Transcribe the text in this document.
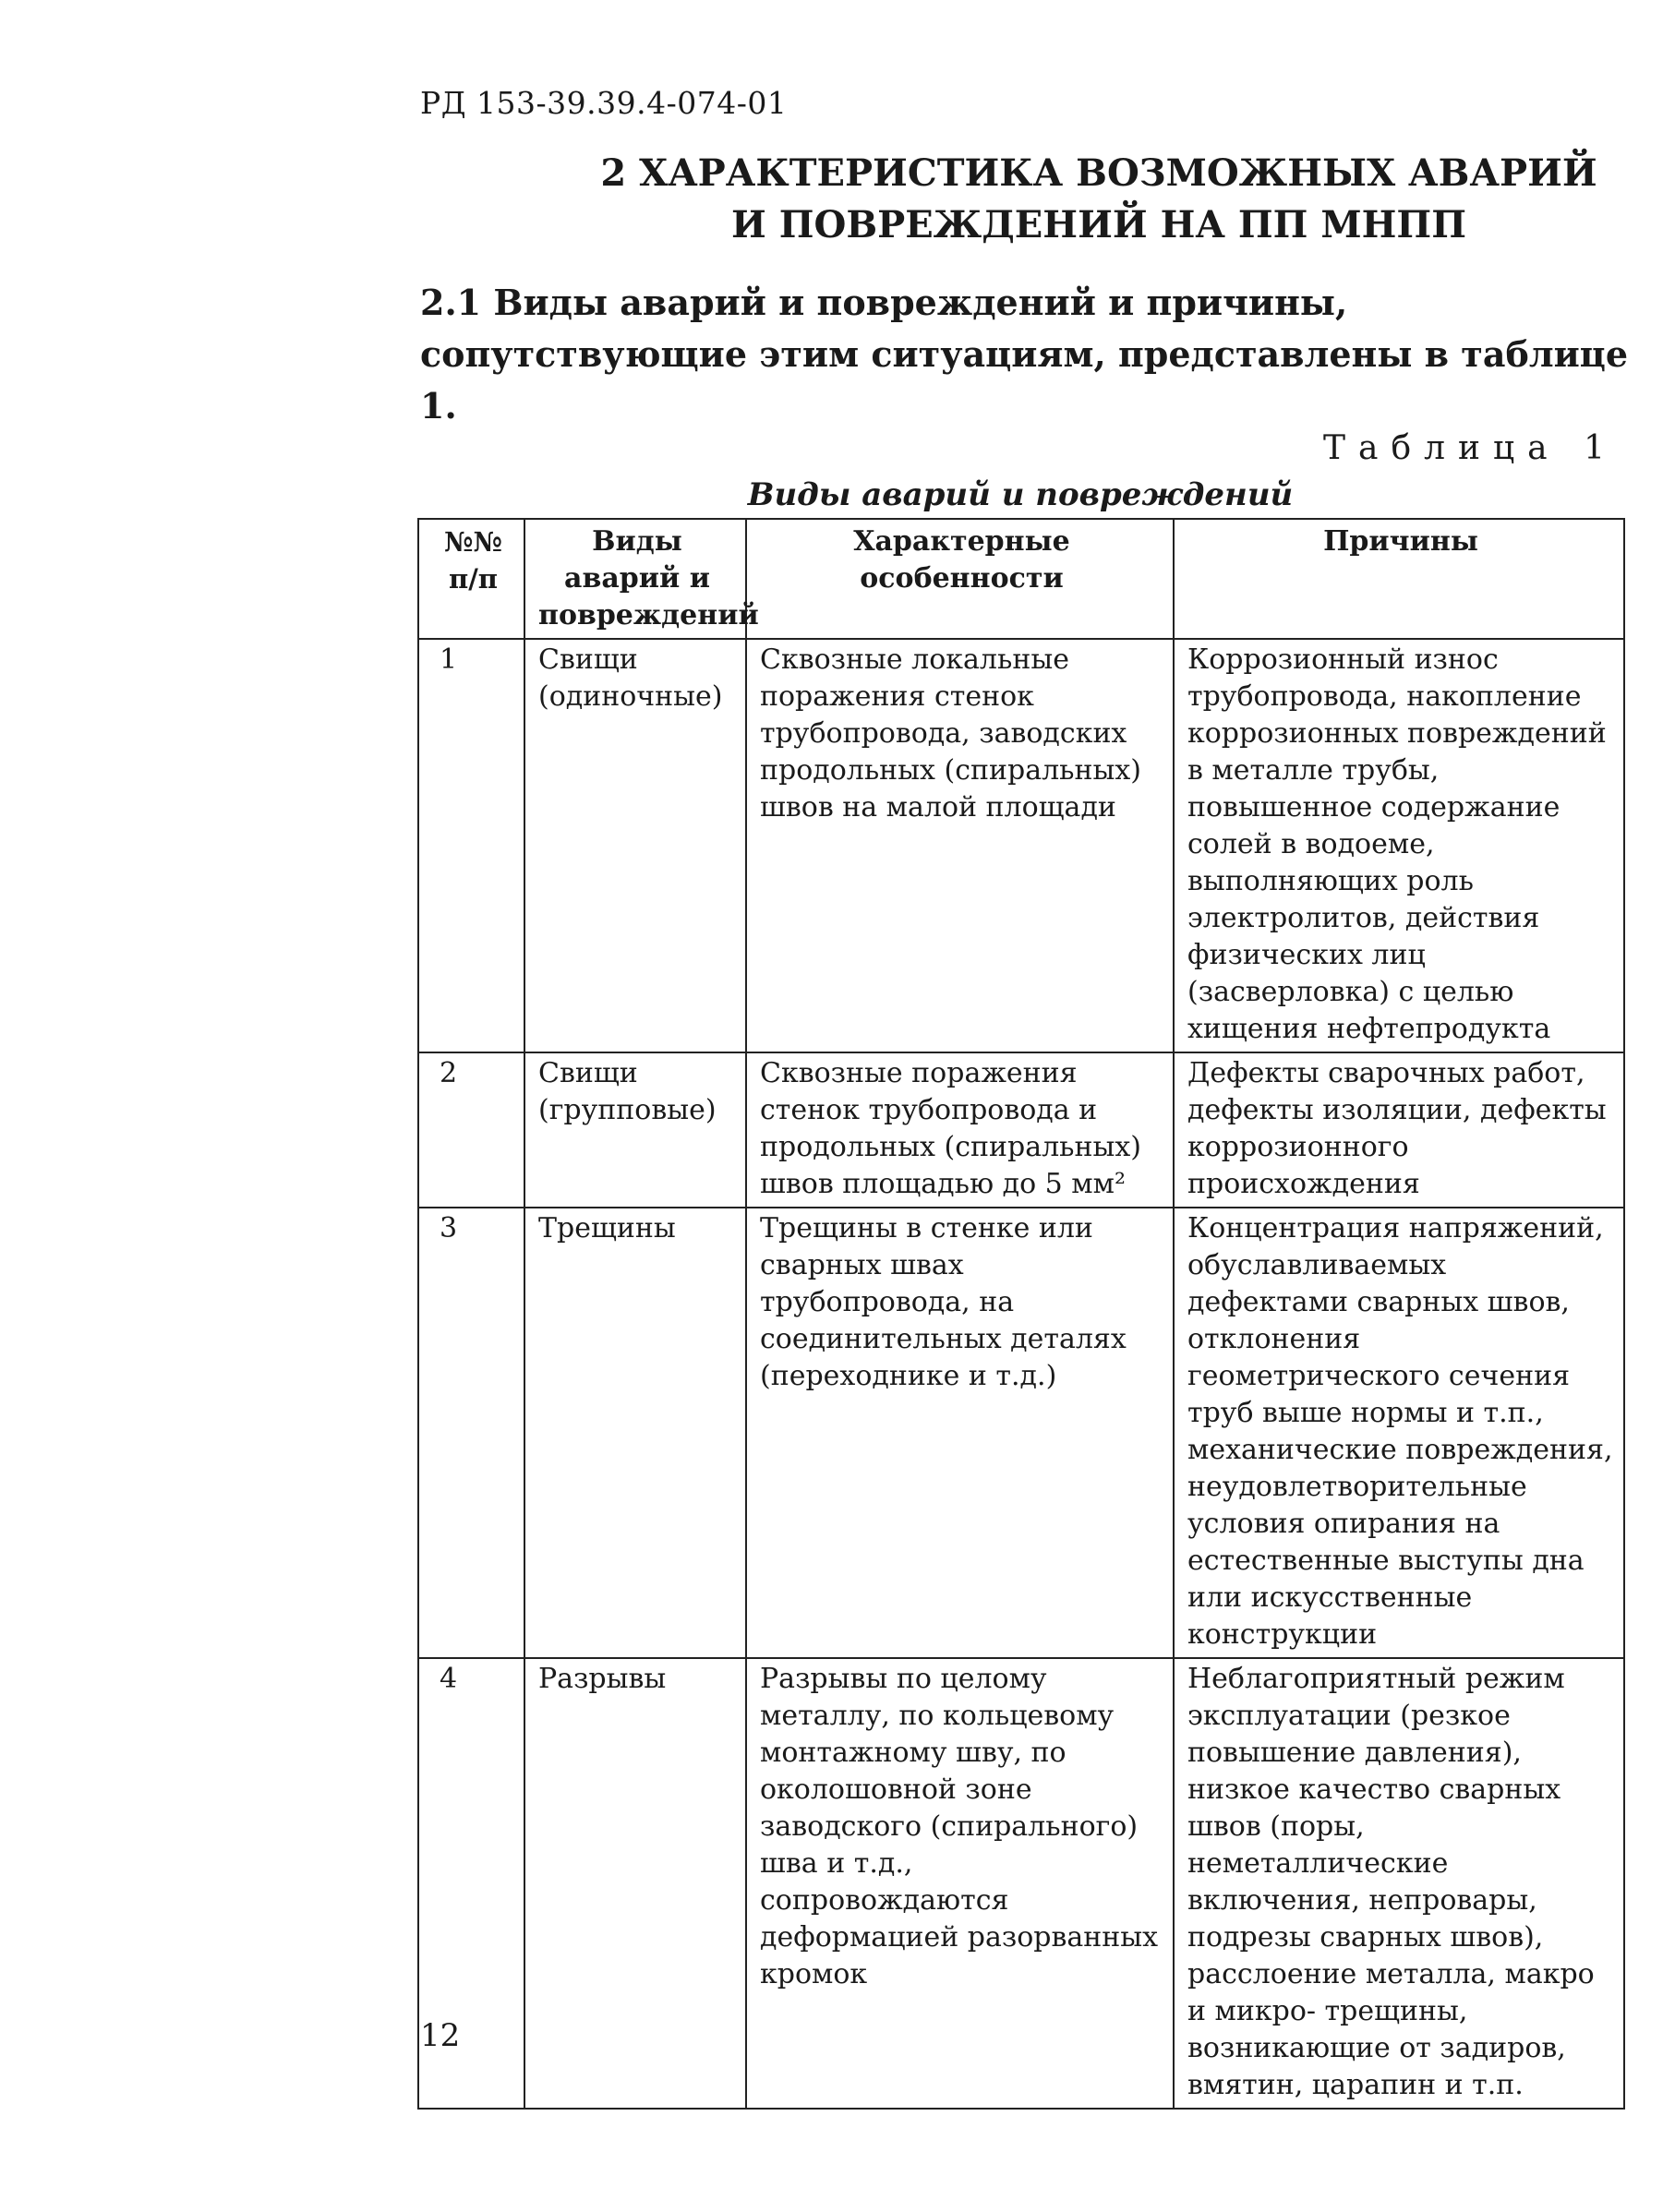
РД 153-39.39.4-074-01
2 ХАРАКТЕРИСТИКА ВОЗМОЖНЫХ АВАРИЙ
И ПОВРЕЖДЕНИЙ НА ПП МНПП
2.1 Виды аварий и повреждений и причины, сопутствующие этим ситуациям, представлены в таблице 1.
Таблица 1
Виды аварий и повреждений
№№ п/п	Виды аварий и повреждений	Характерные особенности	Причины
1	Свищи (одиночные)	Сквозные локальные поражения стенок трубопровода, заводских продольных (спиральных) швов на малой площади	Коррозионный износ трубопровода, накопление коррозионных повреждений в металле трубы, повышенное содержание солей в водоеме, выполняющих роль электролитов, действия физических лиц (засверловка) с целью хищения нефтепродукта
2	Свищи (групповые)	Сквозные поражения стенок трубопровода и продольных (спиральных) швов площадью до 5 мм²	Дефекты сварочных работ, дефекты изоляции, дефекты коррозионного происхождения
3	Трещины	Трещины в стенке или сварных швах трубопровода, на соединительных деталях (переходнике и т.д.)	Концентрация напряжений, обуславливаемых дефектами сварных швов, отклонения геометрического сечения труб выше нормы и т.п., механические повреждения, неудовлетворительные условия опирания на естественные выступы дна или искусственные конструкции
4	Разрывы	Разрывы по целому металлу, по кольцевому монтажному шву, по околошовной зоне заводского (спирального) шва и т.д., сопровождаются деформацией разорванных кромок	Неблагоприятный режим эксплуатации (резкое повышение давления), низкое качество сварных швов (поры, неметаллические включения, непровары, подрезы сварных швов), расслоение металла, макро и микро- трещины, возникающие от задиров, вмятин, царапин и т.п.
12
